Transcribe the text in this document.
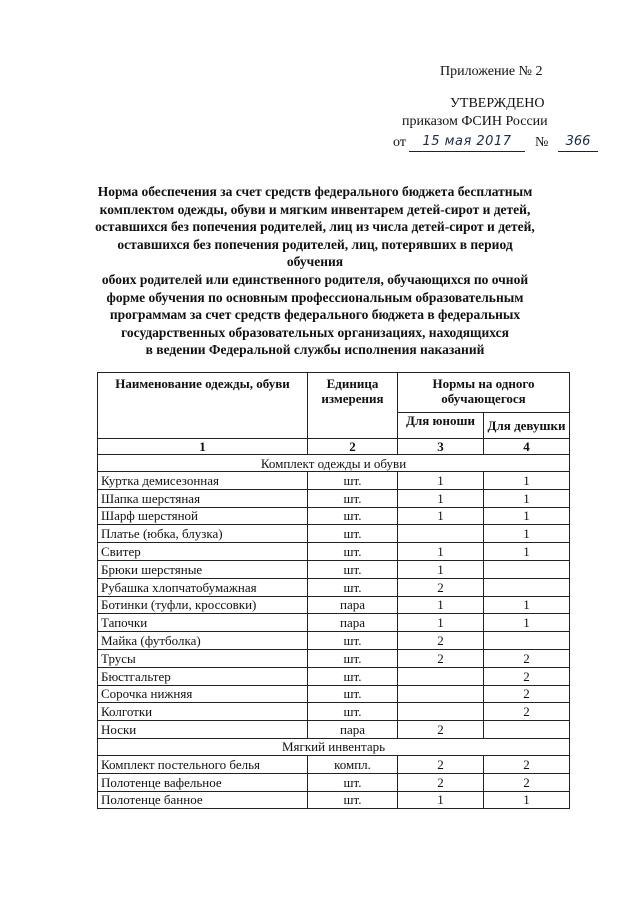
Приложение № 2
УТВЕРЖДЕНО
приказом ФСИН России
от	15 мая 2017	№	366
Норма обеспечения за счет средств федерального бюджета бесплатным
комплектом одежды, обуви и мягким инвентарем детей-сирот и детей,
оставшихся без попечения родителей, лиц из числа детей-сирот и детей,
оставшихся без попечения родителей, лиц, потерявших в период обучения
обоих родителей или единственного родителя, обучающихся по очной
форме обучения по основным профессиональным образовательным
программам за счет средств федерального бюджета в федеральных
государственных образовательных организациях, находящихся
в ведении Федеральной службы исполнения наказаний
Наименование одежды, обуви	Единица измерения	Нормы на одного обучающегося	
		Для юноши	Для девушки
1	2	3	4
Комплект одежды и обуви			
Куртка демисезонная	шт.	1	1
Шапка шерстяная	шт.	1	1
Шарф шерстяной	шт.	1	1
Платье (юбка, блузка)	шт.		1
Свитер	шт.	1	1
Брюки шерстяные	шт.	1	
Рубашка хлопчатобумажная	шт.	2	
Ботинки (туфли, кроссовки)	пара	1	1
Тапочки	пара	1	1
Майка (футболка)	шт.	2	
Трусы	шт.	2	2
Бюстгальтер	шт.		2
Сорочка нижняя	шт.		2
Колготки	шт.		2
Носки	пара	2	
Мягкий инвентарь			
Комплект постельного белья	компл.	2	2
Полотенце вафельное	шт.	2	2
Полотенце банное	шт.	1	1
